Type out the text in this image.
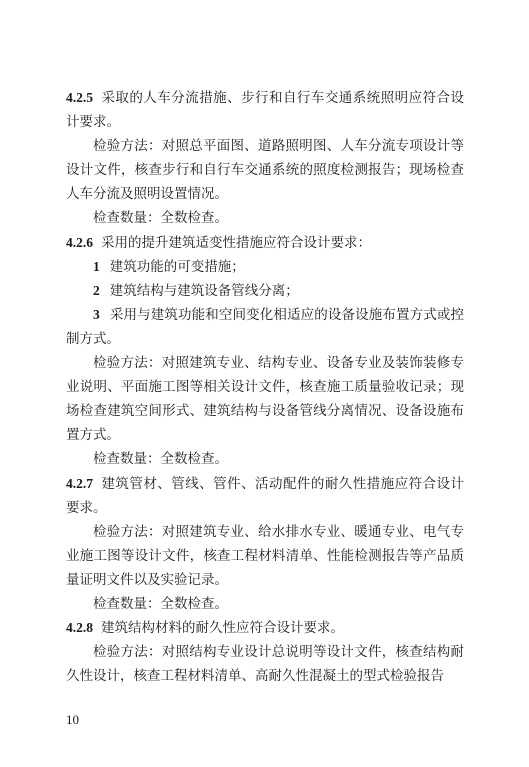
4.2.5 采取的人车分流措施、步行和自行车交通系统照明应符合设计要求。

检验方法：对照总平面图、道路照明图、人车分流专项设计等设计文件，核查步行和自行车交通系统的照度检测报告；现场检查人车分流及照明设置情况。

检查数量：全数检查。

4.2.6 采用的提升建筑适变性措施应符合设计要求：

1 建筑功能的可变措施；

2 建筑结构与建筑设备管线分离；

3 采用与建筑功能和空间变化相适应的设备设施布置方式或控制方式。

检验方法：对照建筑专业、结构专业、设备专业及装饰装修专业说明、平面施工图等相关设计文件，核查施工质量验收记录；现场检查建筑空间形式、建筑结构与设备管线分离情况、设备设施布置方式。

检查数量：全数检查。

4.2.7 建筑管材、管线、管件、活动配件的耐久性措施应符合设计要求。

检验方法：对照建筑专业、给水排水专业、暖通专业、电气专业施工图等设计文件，核查工程材料清单、性能检测报告等产品质量证明文件以及实验记录。

检查数量：全数检查。

4.2.8 建筑结构材料的耐久性应符合设计要求。

检验方法：对照结构专业设计总说明等设计文件，核查结构耐久性设计，核查工程材料清单、高耐久性混凝土的型式检验报告

10
